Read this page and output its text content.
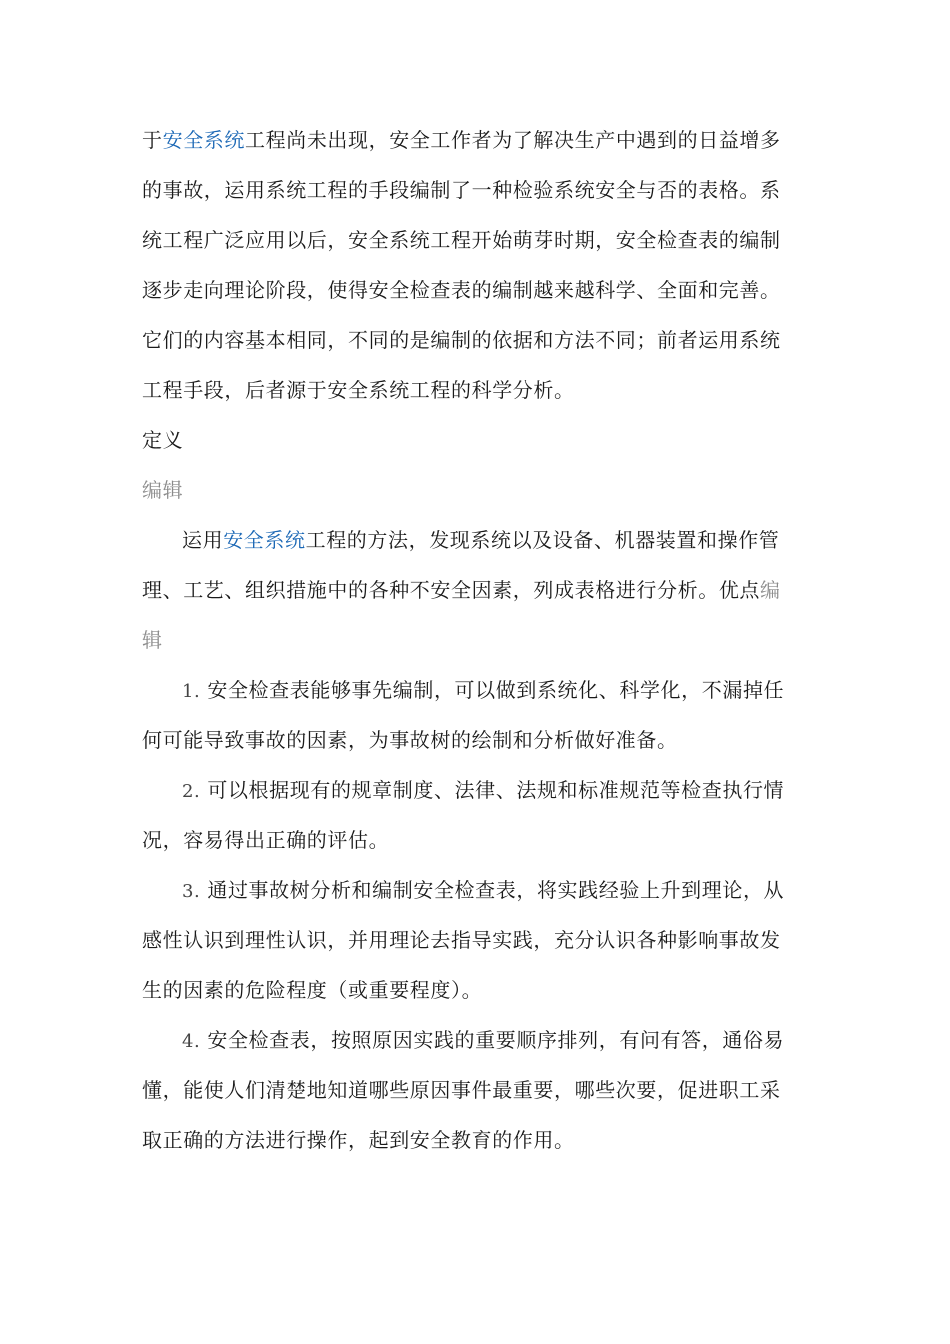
于安全系统工程尚未出现，安全工作者为了解决生产中遇到的日益增多
的事故，运用系统工程的手段编制了一种检验系统安全与否的表格。系
统工程广泛应用以后，安全系统工程开始萌芽时期，安全检查表的编制
逐步走向理论阶段，使得安全检查表的编制越来越科学、全面和完善。
它们的内容基本相同，不同的是编制的依据和方法不同；前者运用系统
工程手段，后者源于安全系统工程的科学分析。
定义
编辑
运用安全系统工程的方法，发现系统以及设备、机器装置和操作管
理、工艺、组织措施中的各种不安全因素，列成表格进行分析。优点编
辑
1. 安全检查表能够事先编制，可以做到系统化、科学化，不漏掉任
何可能导致事故的因素，为事故树的绘制和分析做好准备。
2. 可以根据现有的规章制度、法律、法规和标准规范等检查执行情
况，容易得出正确的评估。
3. 通过事故树分析和编制安全检查表，将实践经验上升到理论，从
感性认识到理性认识，并用理论去指导实践，充分认识各种影响事故发
生的因素的危险程度（或重要程度）。
4. 安全检查表，按照原因实践的重要顺序排列，有问有答，通俗易
懂，能使人们清楚地知道哪些原因事件最重要，哪些次要，促进职工采
取正确的方法进行操作，起到安全教育的作用。
